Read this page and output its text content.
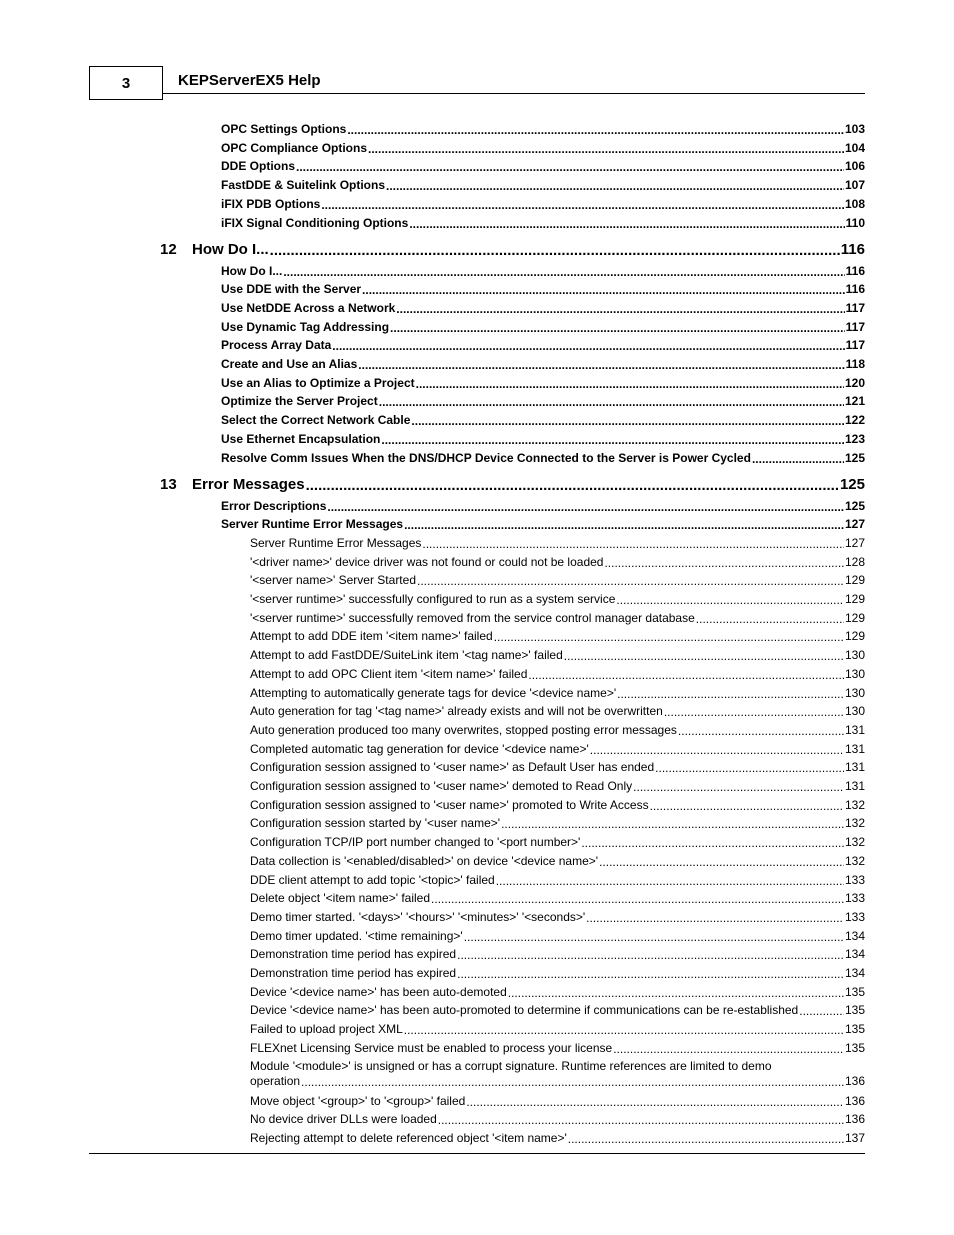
3	KEPServerEX5 Help
OPC Settings Options .....	103
OPC Compliance Options .....	104
DDE Options .....	106
FastDDE & Suitelink Options .....	107
iFIX PDB Options .....	108
iFIX Signal Conditioning Options .....	110
12	How Do I... .....	116
How Do I... .....	116
Use DDE with the Server .....	116
Use NetDDE Across a Network .....	117
Use Dynamic Tag Addressing .....	117
Process Array Data .....	117
Create and Use an Alias .....	118
Use an Alias to Optimize a Project .....	120
Optimize the Server Project .....	121
Select the Correct Network Cable .....	122
Use Ethernet Encapsulation .....	123
Resolve Comm Issues When the DNS/DHCP Device Connected to the Server is Power Cycled .....	125
13	Error Messages .....	125
Error Descriptions .....	125
Server Runtime Error Messages .....	127
Server Runtime Error Messages .....	127
'<driver name>' device driver was not found or could not be loaded .....	128
'<server name>' Server Started .....	129
'<server runtime>' successfully configured to run as a system service .....	129
'<server runtime>' successfully removed from the service control manager database .....	129
Attempt to add DDE item '<item name>' failed .....	129
Attempt to add FastDDE/SuiteLink item '<tag name>' failed .....	130
Attempt to add OPC Client item '<item name>' failed .....	130
Attempting to automatically generate tags for device '<device name>' .....	130
Auto generation for tag '<tag name>' already exists and will not be overwritten .....	130
Auto generation produced too many overwrites, stopped posting error messages .....	131
Completed automatic tag generation for device '<device name>' .....	131
Configuration session assigned to '<user name>' as Default User has ended .....	131
Configuration session assigned to '<user name>' demoted to Read Only .....	131
Configuration session assigned to '<user name>' promoted to Write Access .....	132
Configuration session started by '<user name>' .....	132
Configuration TCP/IP port number changed to '<port number>' .....	132
Data collection is '<enabled/disabled>' on device '<device name>' .....	132
DDE client attempt to add topic '<topic>' failed .....	133
Delete object '<item name>' failed .....	133
Demo timer started. '<days>' '<hours>' '<minutes>' '<seconds>' .....	133
Demo timer updated. '<time remaining>' .....	134
Demonstration time period has expired .....	134
Demonstration time period has expired .....	134
Device '<device name>' has been auto-demoted .....	135
Device '<device name>' has been auto-promoted to determine if communications can be re-established .....	135
Failed to upload project XML .....	135
FLEXnet Licensing Service must be enabled to process your license .....	135
Module '<module>' is unsigned or has a corrupt signature. Runtime references are limited to demo
operation .....	136
Move object '<group>' to '<group>' failed .....	136
No device driver DLLs were loaded .....	136
Rejecting attempt to delete referenced object '<item name>' .....	137
